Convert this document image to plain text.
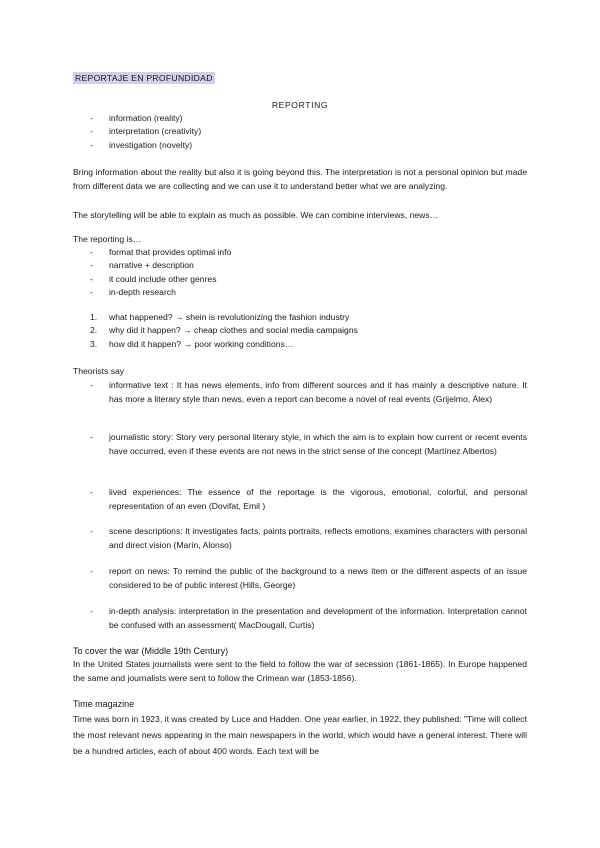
REPORTAJE EN PROFUNDIDAD
REPORTING
- information (reality)
- interpretation (creativity)
- investigation (novelty)
Bring information about the reality but also it is going beyond this. The interpretation is not a personal opinion but made from different data we are collecting and we can use it to understand better what we are analyzing.
The storytelling will be able to explain as much as possible. We can combine interviews, news…
The reporting is…
- format that provides optimal info
- narrative + description
- it could include other genres
- in-depth research
1. what happened? → shein is revolutionizing the fashion industry
2. why did it happen? → cheap clothes and social media campaigns
3. how did it happen? → poor working conditions…
Theorists say
- informative text : It has news elements, info from different sources and it has mainly a descriptive nature. It has more a literary style than news, even a report can become a novel of real events (Grijelmo, Álex)
- journalistic story: Story very personal literary style, in which the aim is to explain how current or recent events have occurred, even if these events are not news in the strict sense of the concept (Martínez Albertos)
- lived experiences: The essence of the reportage is the vigorous, emotional, colorful, and personal representation of an even (Dovifat, Emil )
- scene descriptions: It investigates facts, paints portraits, reflects emotions, examines characters with personal and direct vision (Marín, Alonso)
- report on news: To remind the public of the background to a news item or the different aspects of an issue considered to be of public interest (Hills, George)
- in-depth analysis: interpretation in the presentation and development of the information. Interpretation cannot be confused with an assessment( MacDougall, Curtis)
To cover the war (Middle 19th Century)
In the United States journalists were sent to the field to follow the war of secession (1861-1865). In Europe happened the same and journalists were sent to follow the Crimean war (1853-1856).
Time magazine
Time was born in 1923, it was created by Luce and Hadden. One year earlier, in 1922, they published: "Time will collect the most relevant news appearing in the main newspapers in the world, which would have a general interest. There will be a hundred articles, each of about 400 words. Each text will be
